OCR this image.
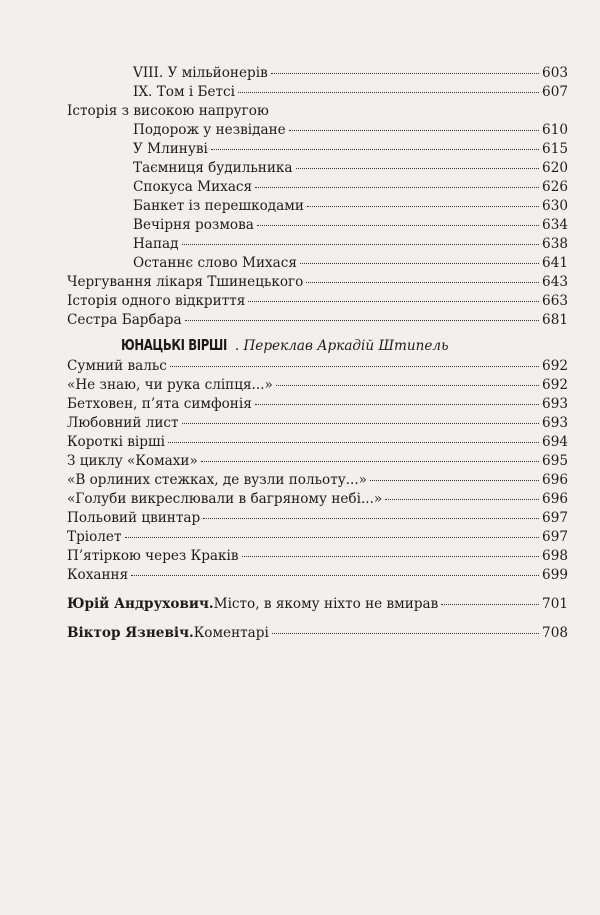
VIII. У мільйонерів	603
IX. Том і Бетсі	607
Історія з високою напругою
Подорож у незвідане	610
У Млинуві	615
Таємниця будильника	620
Спокуса Михася	626
Банкет із перешкодами	630
Вечірня розмова	634
Напад	638
Останнє слово Михася	641
Чергування лікаря Тшинецького	643
Історія одного відкриття	663
Сестра Барбара	681
ЮНАЦЬКІ ВІРШІ . Переклав Аркадій Штипель
Сумний вальс	692
«Не знаю, чи рука сліпця...»	692
Бетховен, п’ята симфонія	693
Любовний лист	693
Короткі вірші	694
З циклу «Комахи»	695
«В орлиних стежках, де вузли польоту...»	696
«Голуби викреслювали в багряному небі...»	696
Польовий цвинтар	697
Тріолет	697
П’ятіркою через Краків	698
Кохання	699
Юрій Андрухович. Місто, в якому ніхто не вмирав	701
Віктор Язневіч. Коментарі	708
